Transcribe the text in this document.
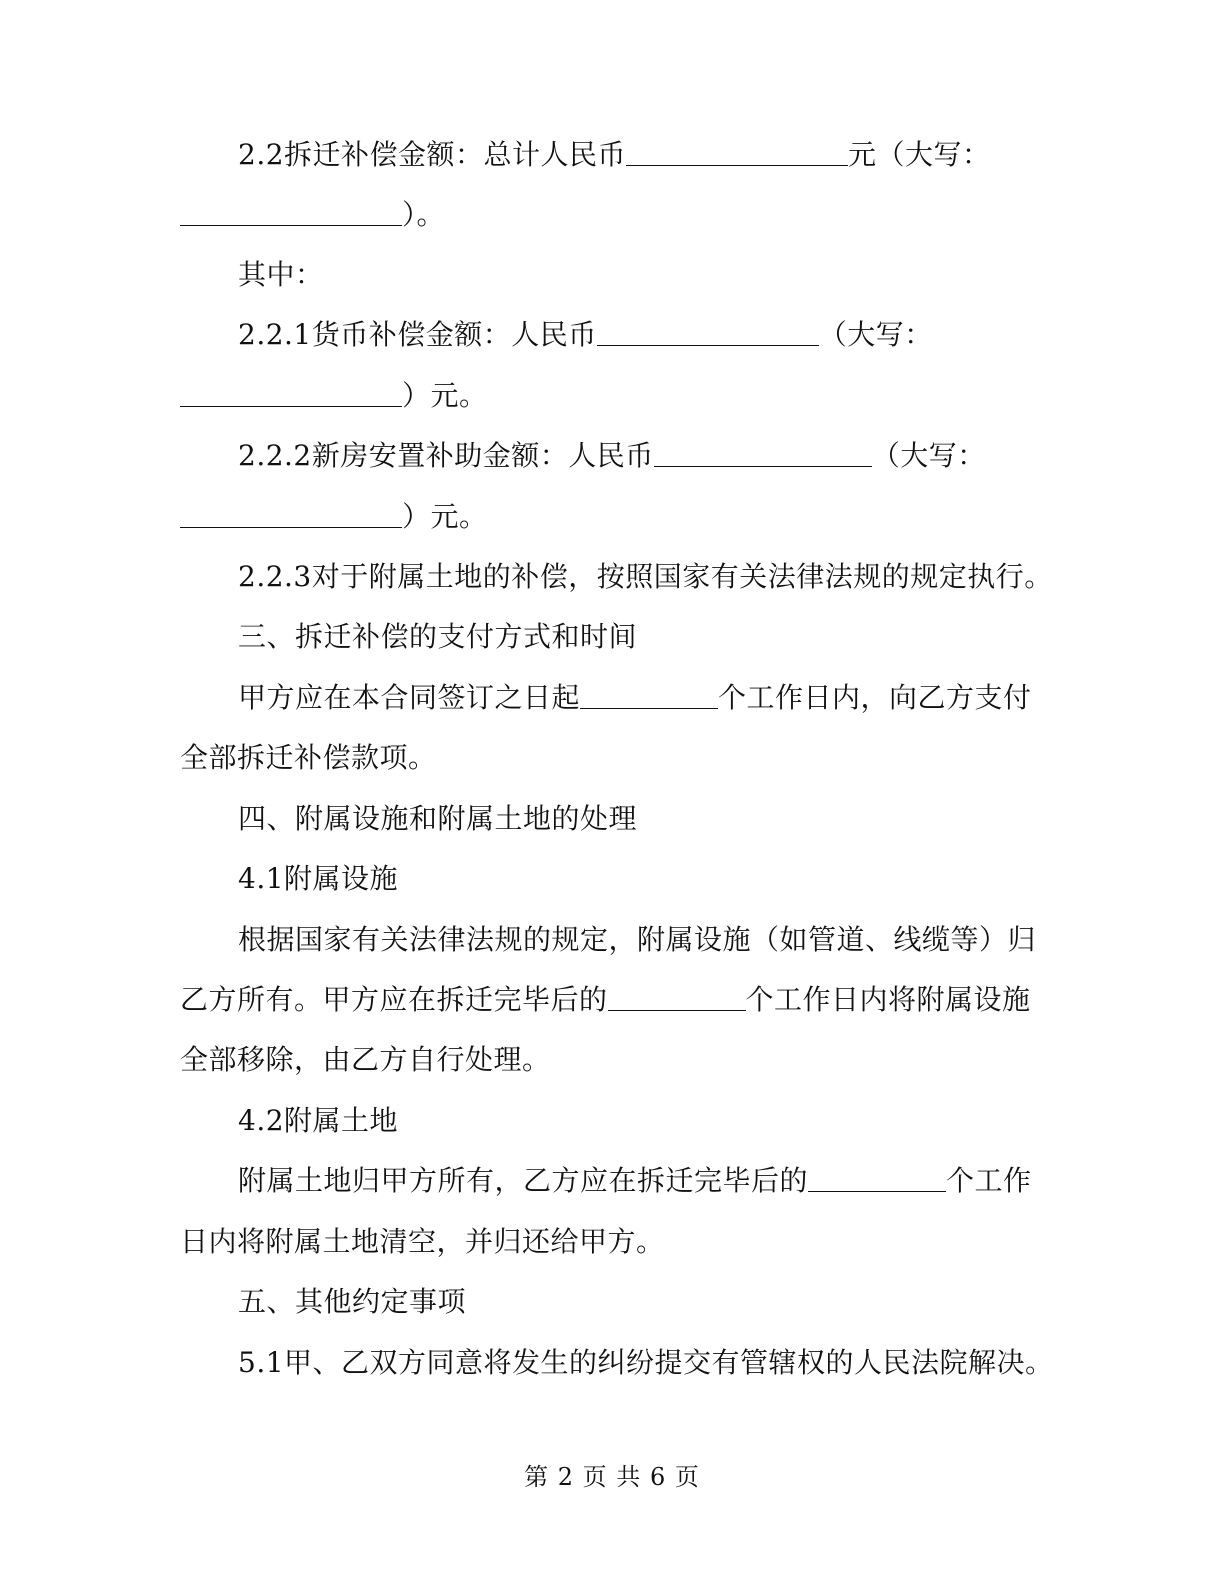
2.2拆迁补偿金额：总计人民币	元（大写：
）。
其中：
2.2.1货币补偿金额：人民币	（大写：
）元。
2.2.2新房安置补助金额：人民币	（大写：
）元。
2.2.3对于附属土地的补偿，按照国家有关法律法规的规定执行。
三、拆迁补偿的支付方式和时间
甲方应在本合同签订之日起	个工作日内，向乙方支付
全部拆迁补偿款项。
四、附属设施和附属土地的处理
4.1附属设施
根据国家有关法律法规的规定，附属设施（如管道、线缆等）归
乙方所有。甲方应在拆迁完毕后的	个工作日内将附属设施
全部移除，由乙方自行处理。
4.2附属土地
附属土地归甲方所有，乙方应在拆迁完毕后的	个工作
日内将附属土地清空，并归还给甲方。
五、其他约定事项
5.1甲、乙双方同意将发生的纠纷提交有管辖权的人民法院解决。
第 2 页 共 6 页
